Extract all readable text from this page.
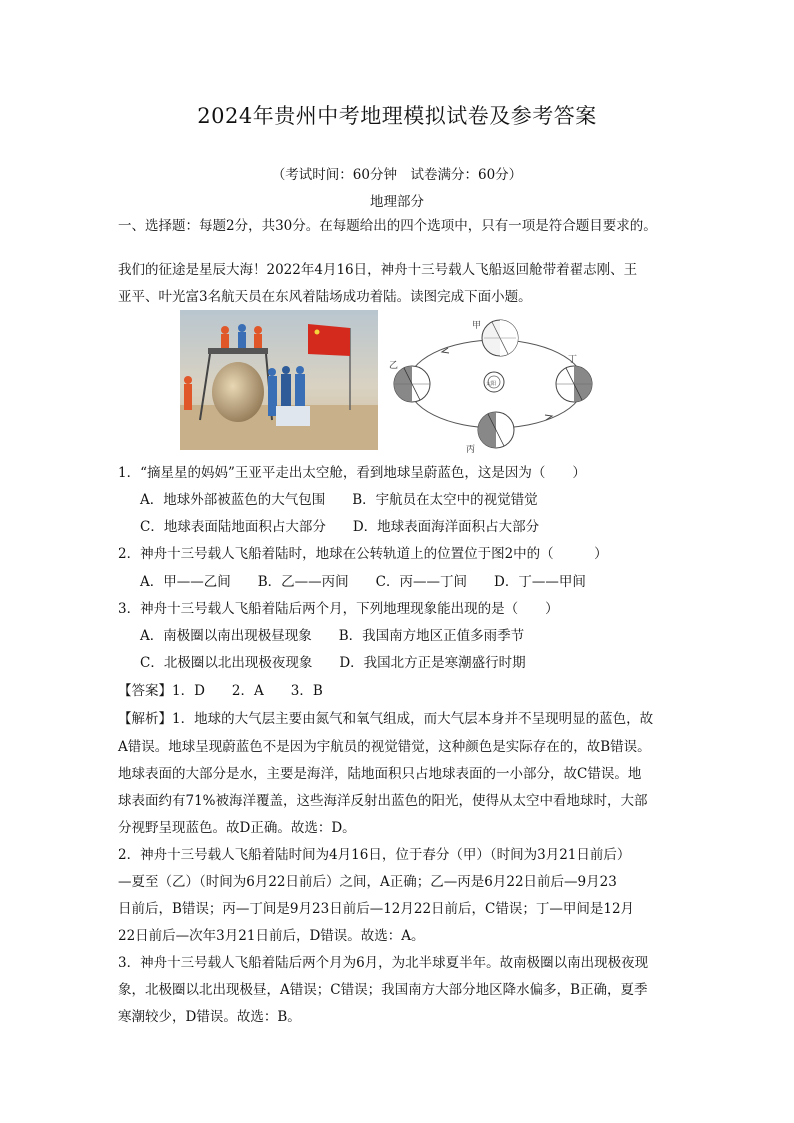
2024年贵州中考地理模拟试卷及参考答案
（考试时间：60分钟　试卷满分：60分）
地理部分
一、选择题：每题2分，共30分。在每题给出的四个选项中，只有一项是符合题目要求的。
我们的征途是星辰大海！2022年4月16日，神舟十三号载人飞船返回舱带着翟志刚、王
亚平、叶光富3名航天员在东风着陆场成功着陆。读图完成下面小题。
甲
乙
丙
丁
太阳
1．“摘星星的妈妈”王亚平走出太空舱，看到地球呈蔚蓝色，这是因为（　　）
A．地球外部被蓝色的大气包围　　B．宇航员在太空中的视觉错觉
C．地球表面陆地面积占大部分　　D．地球表面海洋面积占大部分
2．神舟十三号载人飞船着陆时，地球在公转轨道上的位置位于图2中的（　　　）
A．甲——乙间　　B．乙——丙间　　C．丙——丁间　　D．丁——甲间
3．神舟十三号载人飞船着陆后两个月，下列地理现象能出现的是（　　）
A．南极圈以南出现极昼现象　　B．我国南方地区正值多雨季节
C．北极圈以北出现极夜现象　　D．我国北方正是寒潮盛行时期
【答案】1．D　　2．A　　3．B
【解析】1．地球的大气层主要由氮气和氧气组成，而大气层本身并不呈现明显的蓝色，故
A错误。地球呈现蔚蓝色不是因为宇航员的视觉错觉，这种颜色是实际存在的，故B错误。
地球表面的大部分是水，主要是海洋，陆地面积只占地球表面的一小部分，故C错误。地
球表面约有71%被海洋覆盖，这些海洋反射出蓝色的阳光，使得从太空中看地球时，大部
分视野呈现蓝色。故D正确。故选：D。
2．神舟十三号载人飞船着陆时间为4月16日，位于春分（甲）（时间为3月21日前后）
—夏至（乙）（时间为6月22日前后）之间，A正确；乙—丙是6月22日前后—9月23
日前后，B错误；丙—丁间是9月23日前后—12月22日前后，C错误；丁—甲间是12月
22日前后—次年3月21日前后，D错误。故选：A。
3．神舟十三号载人飞船着陆后两个月为6月，为北半球夏半年。故南极圈以南出现极夜现
象，北极圈以北出现极昼，A错误；C错误；我国南方大部分地区降水偏多，B正确，夏季
寒潮较少，D错误。故选：B。
